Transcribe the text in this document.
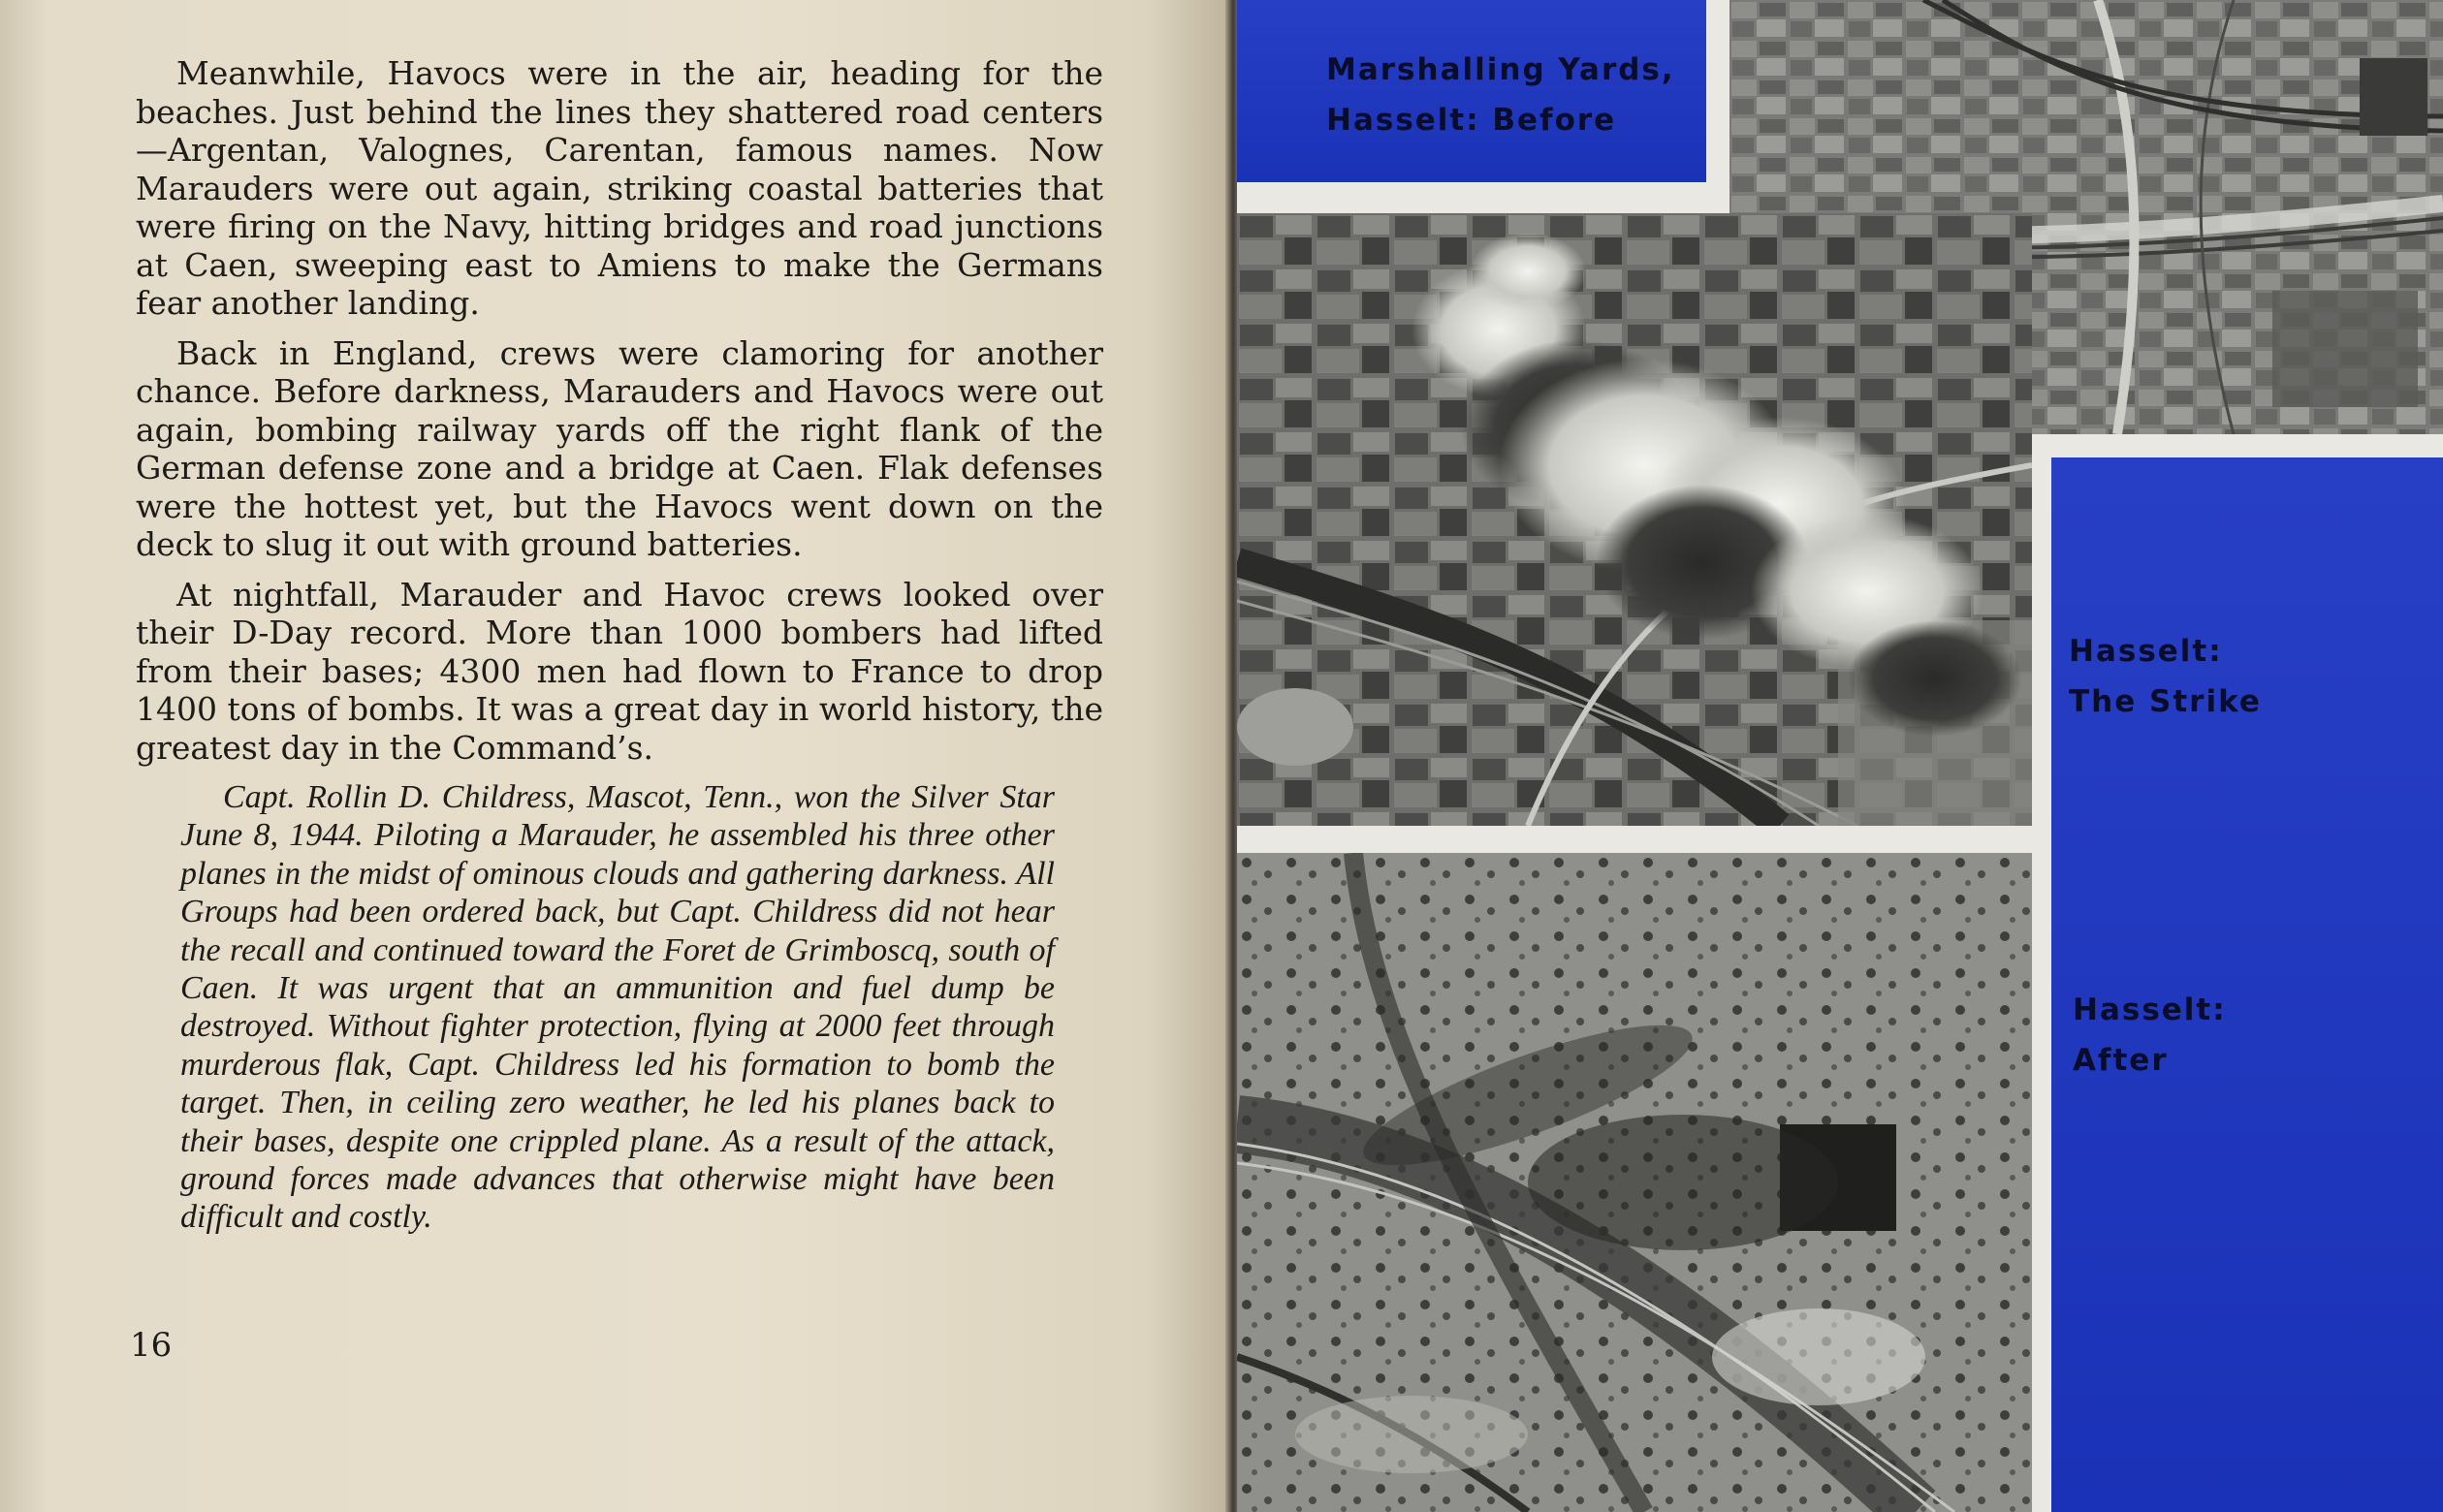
Meanwhile, Havocs were in the air, heading for the beaches. Just behind the lines they shattered road centers—Argentan, Valognes, Carentan, famous names. Now Marauders were out again, striking coastal batteries that were firing on the Navy, hitting bridges and road junctions at Caen, sweeping east to Amiens to make the Germans fear another landing.

Back in England, crews were clamoring for another chance. Before darkness, Marauders and Havocs were out again, bombing railway yards off the right flank of the German defense zone and a bridge at Caen. Flak defenses were the hottest yet, but the Havocs went down on the deck to slug it out with ground batteries.

At nightfall, Marauder and Havoc crews looked over their D-Day record. More than 1000 bombers had lifted from their bases; 4300 men had flown to France to drop 1400 tons of bombs. It was a great day in world history, the greatest day in the Command’s.

Capt. Rollin D. Childress, Mascot, Tenn., won the Silver Star June 8, 1944. Piloting a Marauder, he assembled his three other planes in the midst of ominous clouds and gathering darkness. All Groups had been ordered back, but Capt. Childress did not hear the recall and continued toward the Foret de Grimboscq, south of Caen. It was urgent that an ammunition and fuel dump be destroyed. Without fighter protection, flying at 2000 feet through murderous flak, Capt. Childress led his formation to bomb the target. Then, in ceiling zero weather, he led his planes back to their bases, despite one crippled plane. As a result of the attack, ground forces made advances that otherwise might have been difficult and costly.

16
Marshalling Yards,
Hasselt: Before
Hasselt:
The Strike
Hasselt:
After
